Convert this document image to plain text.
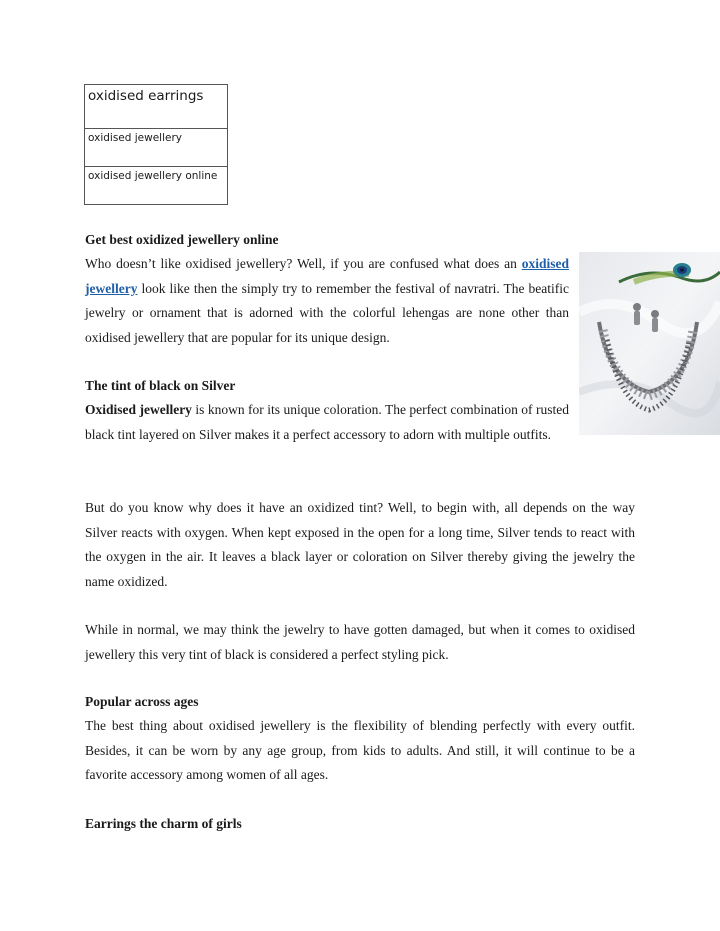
oxidised earrings
oxidised jewellery
oxidised jewellery online

Get best oxidized jewellery online

Who doesn’t like oxidised jewellery? Well, if you are confused what does an oxidised jewellery look like then the simply try to remember the festival of navratri. The beatific jewelry or ornament that is adorned with the colorful lehengas are none other than oxidised jewellery that are popular for its unique design.

The tint of black on Silver

Oxidised jewellery is known for its unique coloration. The perfect combination of rusted black tint layered on Silver makes it a perfect accessory to adorn with multiple outfits.

But do you know why does it have an oxidized tint? Well, to begin with, all depends on the way Silver reacts with oxygen. When kept exposed in the open for a long time, Silver tends to react with the oxygen in the air. It leaves a black layer or coloration on Silver thereby giving the jewelry the name oxidized.

While in normal, we may think the jewelry to have gotten damaged, but when it comes to oxidised jewellery this very tint of black is considered a perfect styling pick.

Popular across ages

The best thing about oxidised jewellery is the flexibility of blending perfectly with every outfit. Besides, it can be worn by any age group, from kids to adults. And still, it will continue to be a favorite accessory among women of all ages.

Earrings the charm of girls
